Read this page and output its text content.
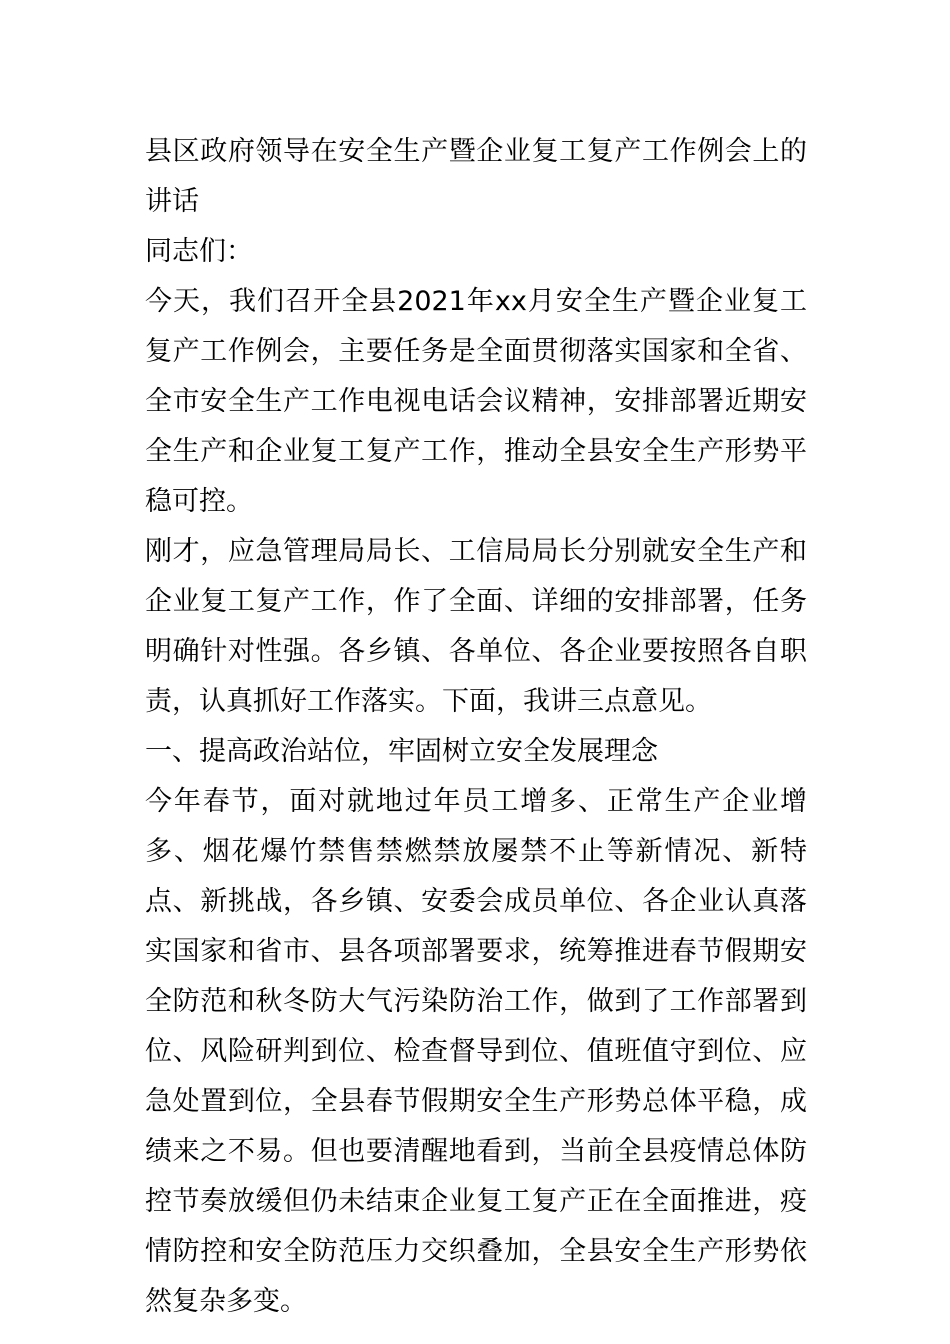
县区政府领导在安全生产暨企业复工复产工作例会上的讲话

同志们：

今天，我们召开全县2021年xx月安全生产暨企业复工复产工作例会，主要任务是全面贯彻落实国家和全省、全市安全生产工作电视电话会议精神，安排部署近期安全生产和企业复工复产工作，推动全县安全生产形势平稳可控。

刚才，应急管理局局长、工信局局长分别就安全生产和企业复工复产工作，作了全面、详细的安排部署，任务明确针对性强。各乡镇、各单位、各企业要按照各自职责，认真抓好工作落实。下面，我讲三点意见。

一、提高政治站位，牢固树立安全发展理念

今年春节，面对就地过年员工增多、正常生产企业增多、烟花爆竹禁售禁燃禁放屡禁不止等新情况、新特点、新挑战，各乡镇、安委会成员单位、各企业认真落实国家和省市、县各项部署要求，统筹推进春节假期安全防范和秋冬防大气污染防治工作，做到了工作部署到位、风险研判到位、检查督导到位、值班值守到位、应急处置到位，全县春节假期安全生产形势总体平稳，成绩来之不易。但也要清醒地看到，当前全县疫情总体防控节奏放缓但仍未结束企业复工复产正在全面推进，疫情防控和安全防范压力交织叠加，全县安全生产形势依然复杂多变。
